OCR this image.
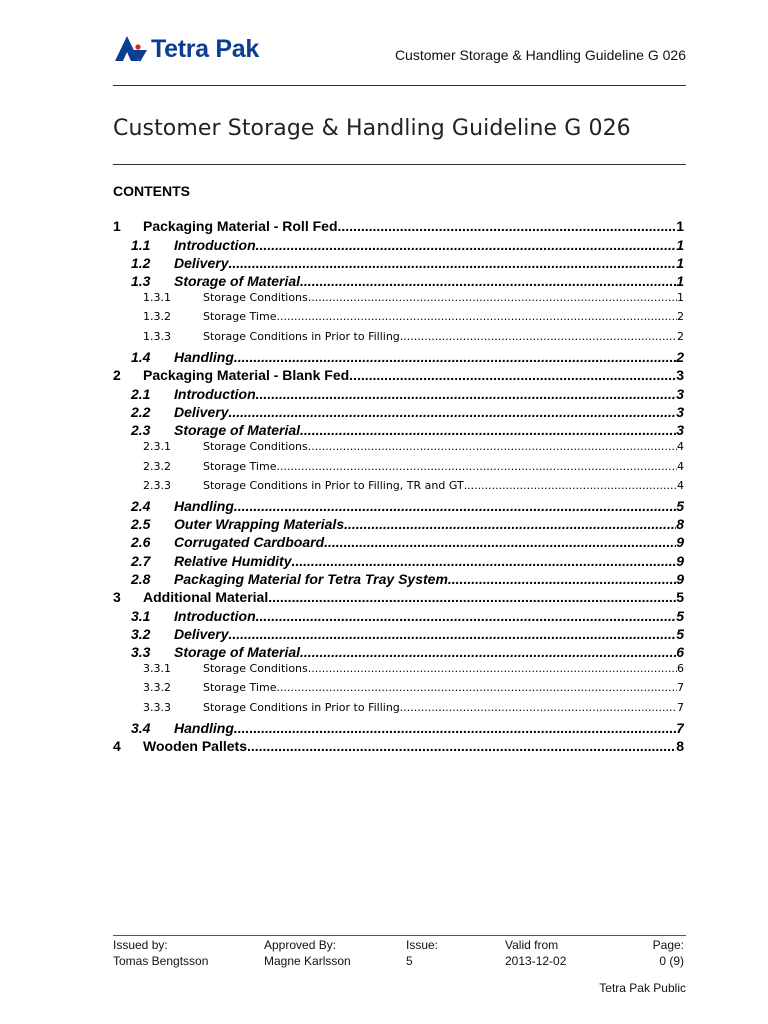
Tetra Pak	Customer Storage & Handling Guideline G 026
Customer Storage & Handling Guideline G 026
CONTENTS
1	Packaging Material - Roll Fed .....	1
1.1	Introduction .....	1
1.2	Delivery .....	1
1.3	Storage of Material .....	1
1.3.1	Storage Conditions .....	1
1.3.2	Storage Time .....	2
1.3.3	Storage Conditions in Prior to Filling .....	2
1.4	Handling .....	2
2	Packaging Material - Blank Fed .....	3
2.1	Introduction .....	3
2.2	Delivery .....	3
2.3	Storage of Material .....	3
2.3.1	Storage Conditions .....	4
2.3.2	Storage Time .....	4
2.3.3	Storage Conditions in Prior to Filling, TR and GT .....	4
2.4	Handling .....	5
2.5	Outer Wrapping Materials .....	8
2.6	Corrugated Cardboard .....	9
2.7	Relative Humidity .....	9
2.8	Packaging Material for Tetra Tray System .....	9
3	Additional Material .....	5
3.1	Introduction .....	5
3.2	Delivery .....	5
3.3	Storage of Material .....	6
3.3.1	Storage Conditions .....	6
3.3.2	Storage Time .....	7
3.3.3	Storage Conditions in Prior to Filling .....	7
3.4	Handling .....	7
4	Wooden Pallets .....	8
Issued by:
Tomas Bengtsson
Approved By:
Magne Karlsson
Issue:
5
Valid from
2013-12-02
Page:
0 (9)
Tetra Pak Public
